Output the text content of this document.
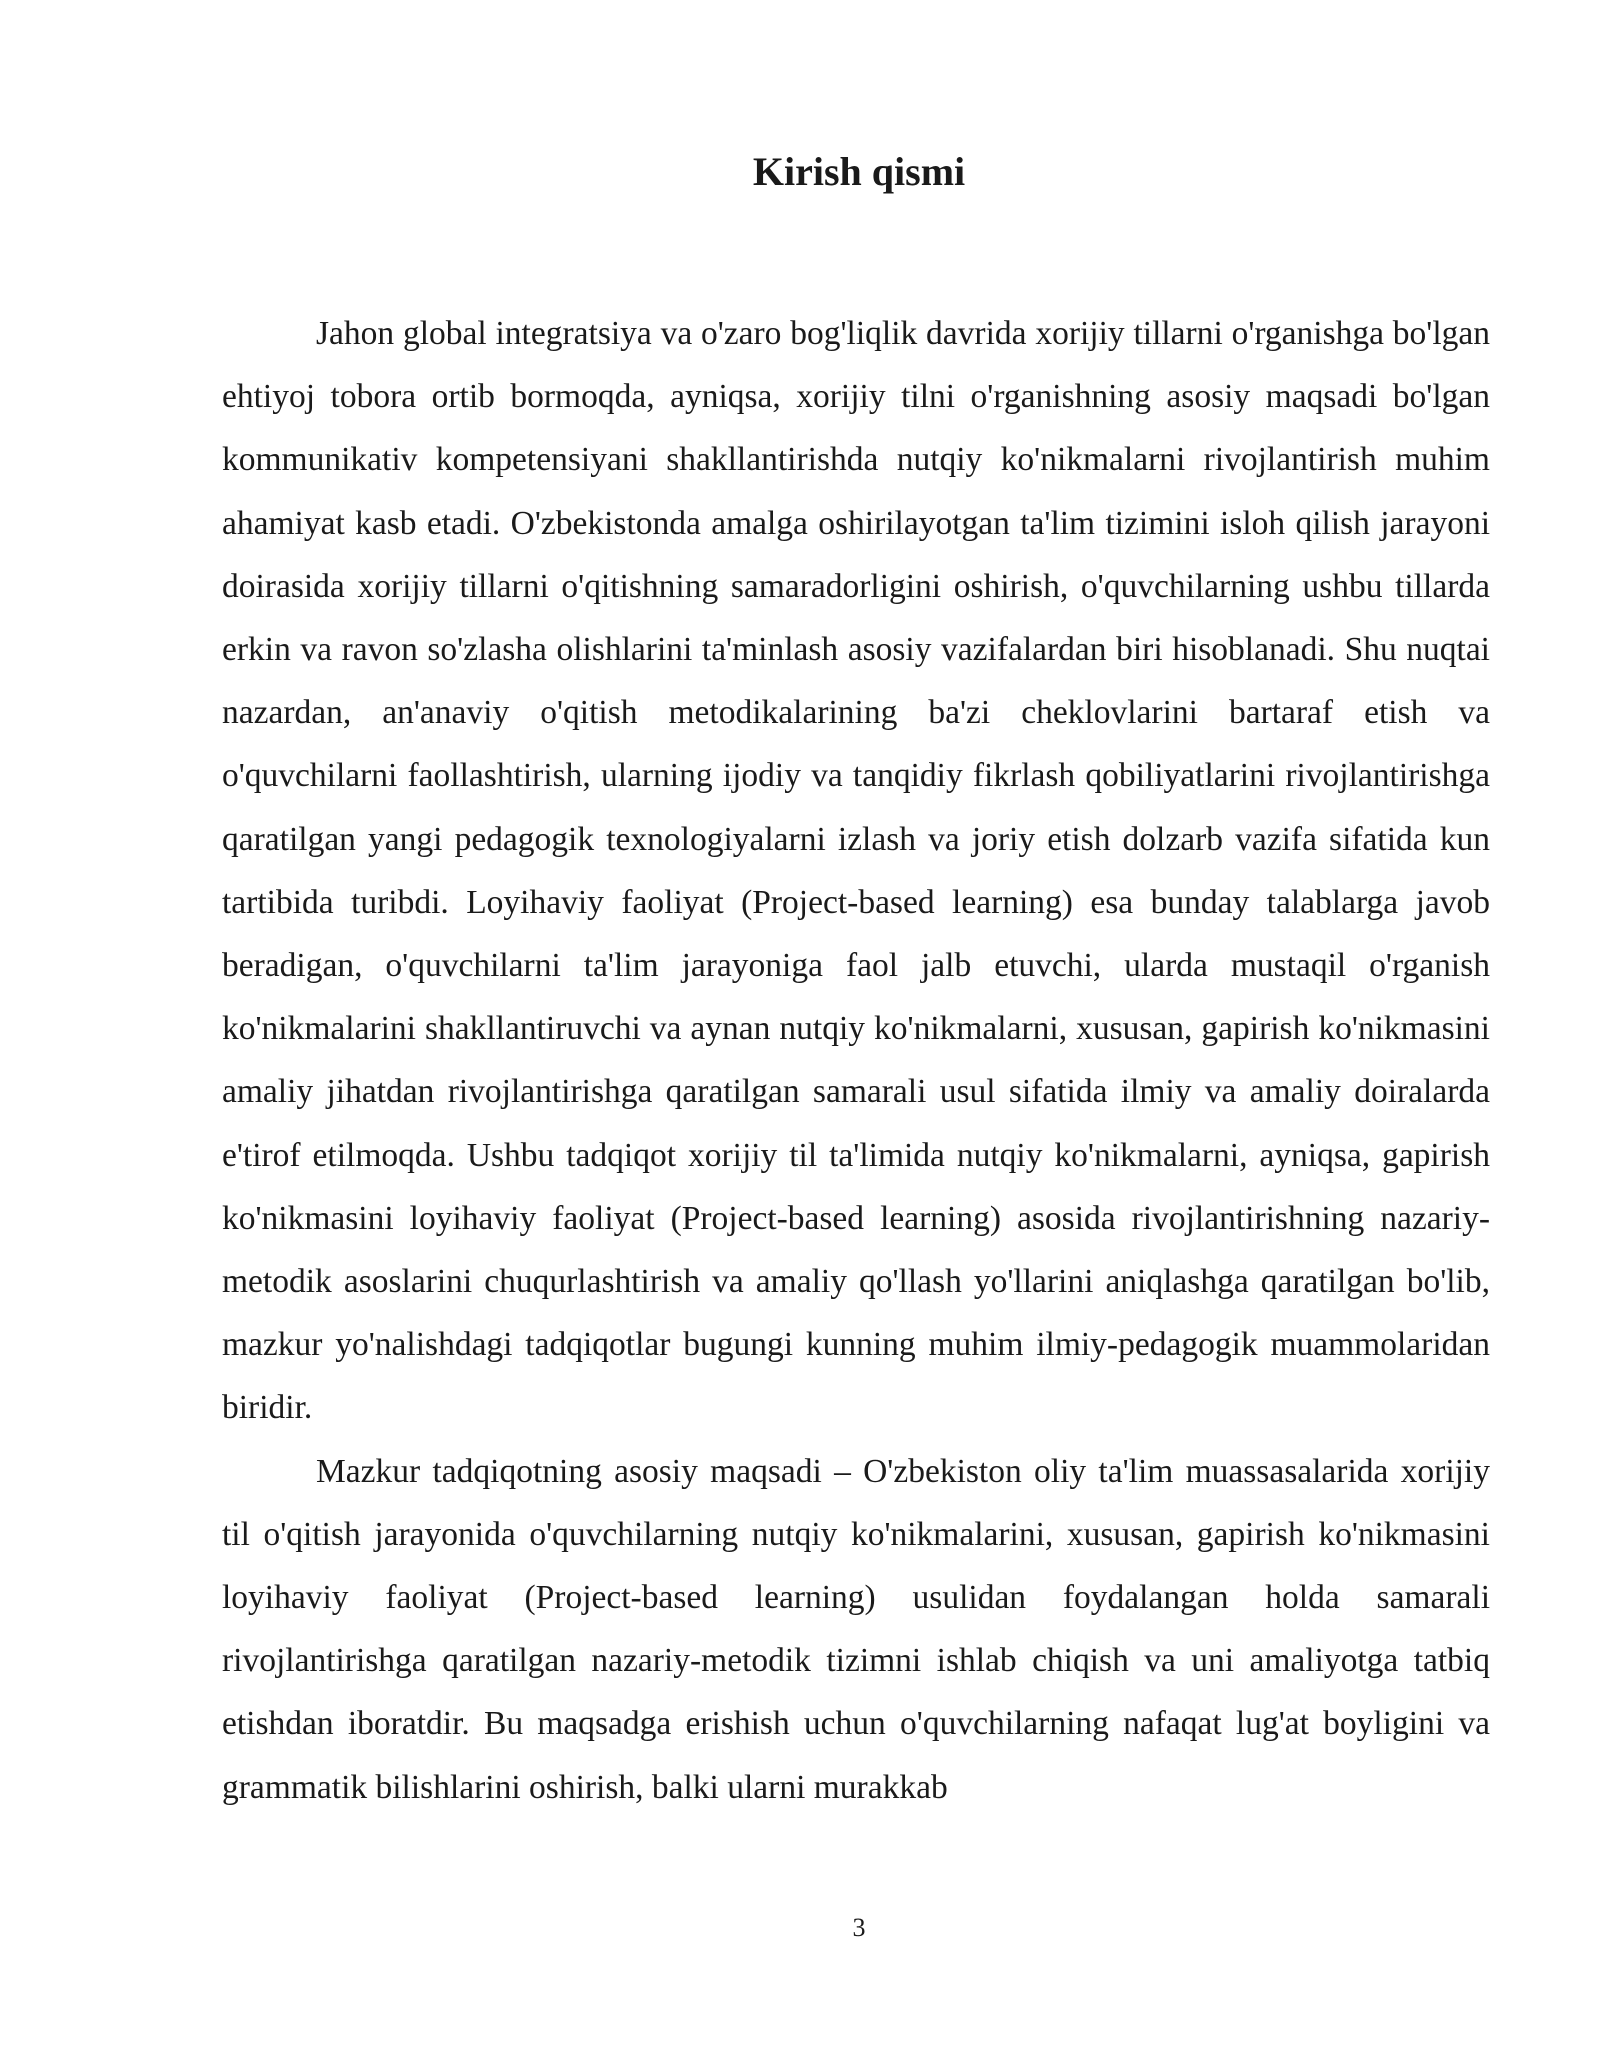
Kirish qismi

Jahon global integratsiya va o'zaro bog'liqlik davrida xorijiy tillarni o'rganishga bo'lgan ehtiyoj tobora ortib bormoqda, ayniqsa, xorijiy tilni o'rganishning asosiy maqsadi bo'lgan kommunikativ kompetensiyani shakllantirishda nutqiy ko'nikmalarni rivojlantirish muhim ahamiyat kasb etadi. O'zbekistonda amalga oshirilayotgan ta'lim tizimini isloh qilish jarayoni doirasida xorijiy tillarni o'qitishning samaradorligini oshirish, o'quvchilarning ushbu tillarda erkin va ravon so'zlasha olishlarini ta'minlash asosiy vazifalardan biri hisoblanadi. Shu nuqtai nazardan, an'anaviy o'qitish metodikalarining ba'zi cheklovlarini bartaraf etish va o'quvchilarni faollashtirish, ularning ijodiy va tanqidiy fikrlash qobiliyatlarini rivojlantirishga qaratilgan yangi pedagogik texnologiyalarni izlash va joriy etish dolzarb vazifa sifatida kun tartibida turibdi. Loyihaviy faoliyat (Project-based learning) esa bunday talablarga javob beradigan, o'quvchilarni ta'lim jarayoniga faol jalb etuvchi, ularda mustaqil o'rganish ko'nikmalarini shakllantiruvchi va aynan nutqiy ko'nikmalarni, xususan, gapirish ko'nikmasini amaliy jihatdan rivojlantirishga qaratilgan samarali usul sifatida ilmiy va amaliy doiralarda e'tirof etilmoqda. Ushbu tadqiqot xorijiy til ta'limida nutqiy ko'nikmalarni, ayniqsa, gapirish ko'nikmasini loyihaviy faoliyat (Project-based learning) asosida rivojlantirishning nazariy-metodik asoslarini chuqurlashtirish va amaliy qo'llash yo'llarini aniqlashga qaratilgan bo'lib, mazkur yo'nalishdagi tadqiqotlar bugungi kunning muhim ilmiy-pedagogik muammolaridan biridir.

Mazkur tadqiqotning asosiy maqsadi – O'zbekiston oliy ta'lim muassasalarida xorijiy til o'qitish jarayonida o'quvchilarning nutqiy ko'nikmalarini, xususan, gapirish ko'nikmasini loyihaviy faoliyat (Project-based learning) usulidan foydalangan holda samarali rivojlantirishga qaratilgan nazariy-metodik tizimni ishlab chiqish va uni amaliyotga tatbiq etishdan iboratdir. Bu maqsadga erishish uchun o'quvchilarning nafaqat lug'at boyligini va grammatik bilishlarini oshirish, balki ularni murakkab

3
